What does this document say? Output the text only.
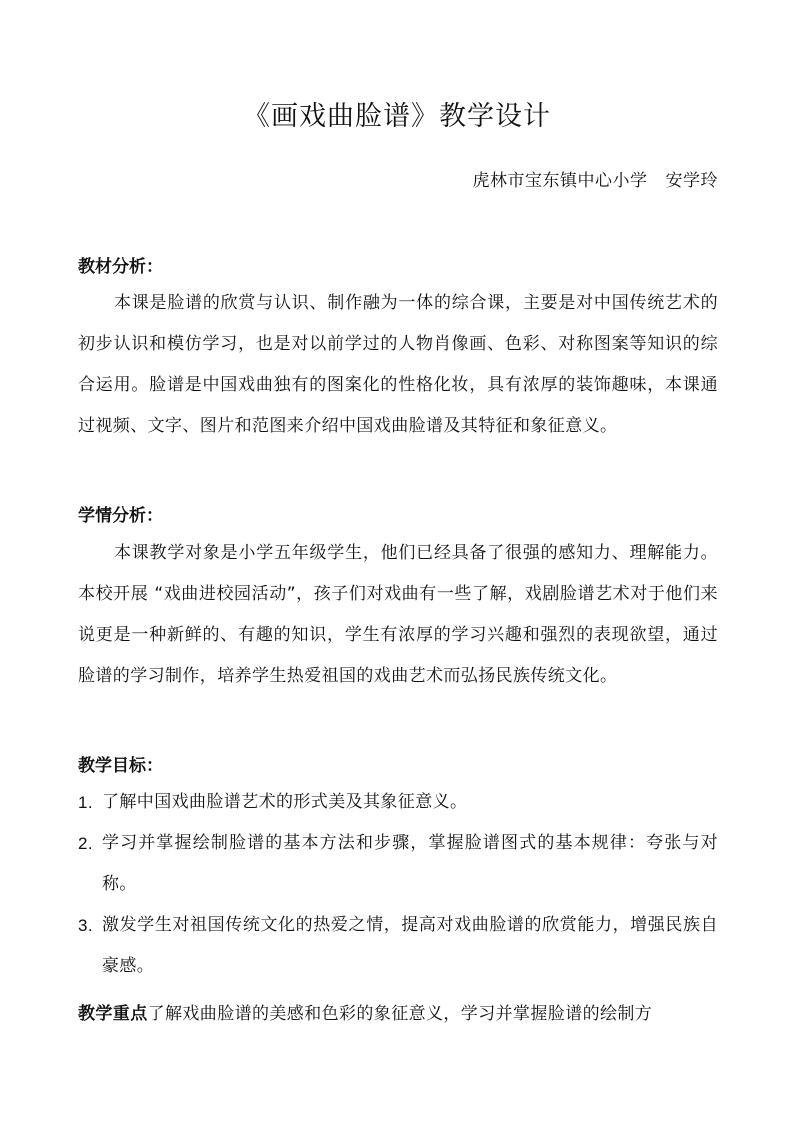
《画戏曲脸谱》教学设计
虎林市宝东镇中心小学 安学玲
教材分析：

本课是脸谱的欣赏与认识、制作融为一体的综合课，主要是对中国传统艺术的初步认识和模仿学习，也是对以前学过的人物肖像画、色彩、对称图案等知识的综合运用。脸谱是中国戏曲独有的图案化的性格化妆，具有浓厚的装饰趣味，本课通过视频、文字、图片和范图来介绍中国戏曲脸谱及其特征和象征意义。

学情分析：

本课教学对象是小学五年级学生，他们已经具备了很强的感知力、理解能力。本校开展 “戏曲进校园活动”，孩子们对戏曲有一些了解，戏剧脸谱艺术对于他们来说更是一种新鲜的、有趣的知识，学生有浓厚的学习兴趣和强烈的表现欲望，通过脸谱的学习制作，培养学生热爱祖国的戏曲艺术而弘扬民族传统文化。

教学目标：
1. 了解中国戏曲脸谱艺术的形式美及其象征意义。
2. 学习并掌握绘制脸谱的基本方法和步骤，掌握脸谱图式的基本规律：夸张与对称。
3. 激发学生对祖国传统文化的热爱之情，提高对戏曲脸谱的欣赏能力，增强民族自豪感。

教学重点了解戏曲脸谱的美感和色彩的象征意义，学习并掌握脸谱的绘制方
